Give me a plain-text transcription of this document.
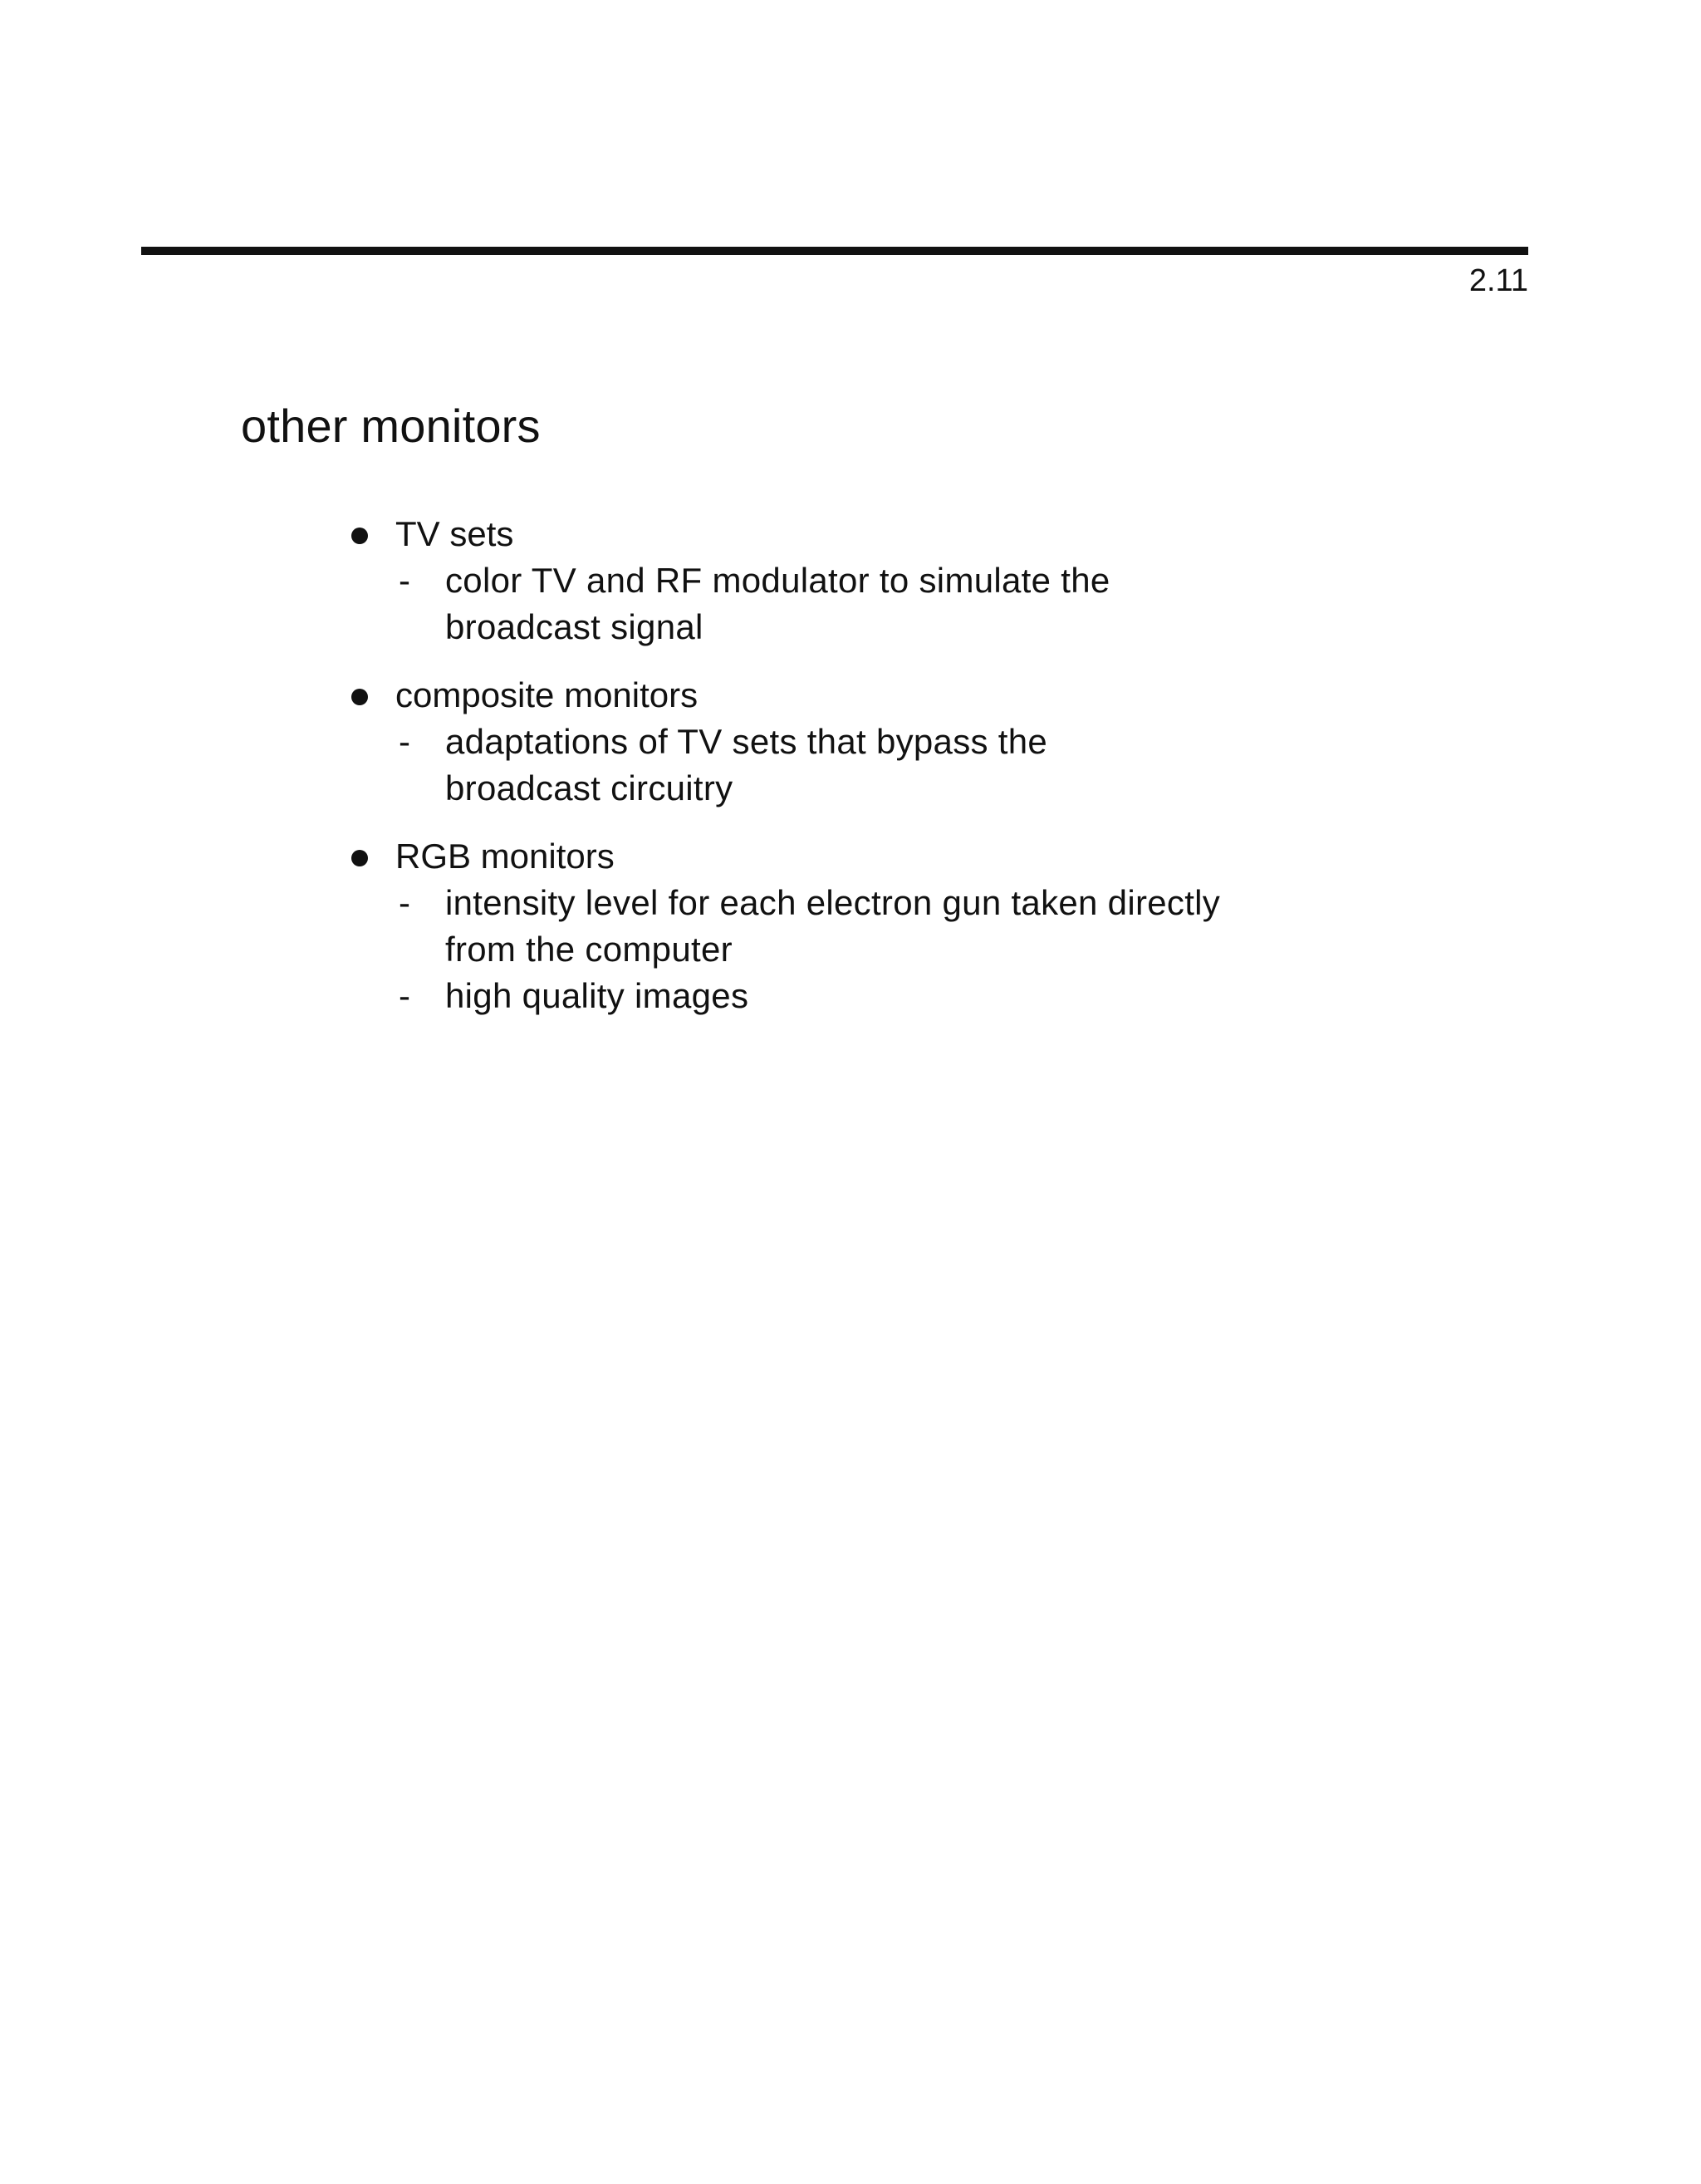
2.11
other monitors
TV sets
- color TV and RF modulator to simulate the
broadcast signal
composite monitors
- adaptations of TV sets that bypass the
broadcast circuitry
RGB monitors
- intensity level for each electron gun taken directly
from the computer
- high quality images
